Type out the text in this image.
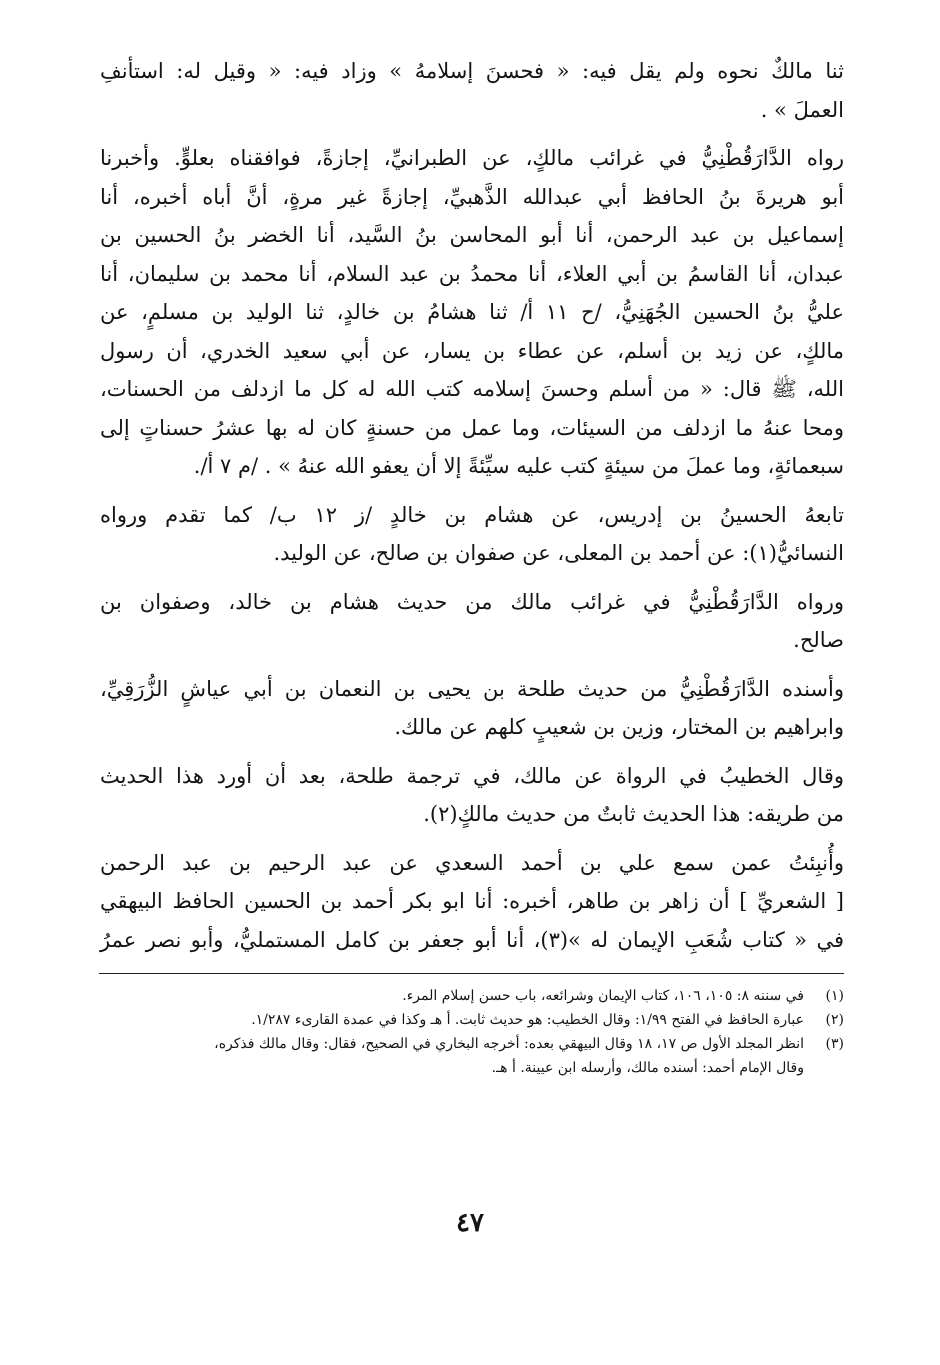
ثنا مالكٌ نحوه ولم يقل فيه: « فحسنَ إسلامهُ » وزاد فيه: « وقيل له: استأنفِ
العملَ » .
رواه الدَّارَقُطْنِيُّ في غرائب مالكٍ، عن الطبرانيِّ، إجازةً، فوافقناه بعلوٍّ. وأخبرنا
أبو هريرةَ بنُ الحافظ أبي عبدالله الذَّهبيِّ، إجازةً غير مرةٍ، أنَّ أباه أخبره، أنا
إسماعيل بن عبد الرحمن، أنا أبو المحاسن بنُ السَّيد، أنا الخضر بنُ الحسين بن
عبدان، أنا القاسمُ بن أبي العلاء، أنا محمدُ بن عبد السلام، أنا محمد بن سليمان، أنا
عليُّ بنُ الحسين الجُهَنِيُّ، /ح ١١ أ/ ثنا هشامُ بن خالدٍ، ثنا الوليد بن مسلمٍ، عن
مالكٍ، عن زيد بن أسلم، عن عطاء بن يسار، عن أبي سعيد الخدري، أن رسول
الله، ﷺ قال: « من أسلم وحسنَ إسلامه كتب الله له كل ما ازدلف من الحسنات،
ومحا عنهُ ما ازدلف من السيئات، وما عمل من حسنةٍ كان له بها عشرُ حسناتٍ إلى
سبعمائةٍ، وما عملَ من سيئةٍ كتب عليه سيِّئةً إلا أن يعفو الله عنهُ » . /م ٧ أ/.
تابعهُ الحسينُ بن إدريس، عن هشام بن خالدٍ /ز ١٢ ب/ كما تقدم ورواه
النسائيُّ(١): عن أحمد بن المعلى، عن صفوان بن صالح، عن الوليد.
ورواه الدَّارَقُطْنِيُّ في غرائب مالك من حديث هشام بن خالد، وصفوان بن
صالح.
وأسنده الدَّارَقُطْنِيُّ من حديث طلحة بن يحيى بن النعمان بن أبي عياشٍ الزُّرَقِيِّ،
وابراهيم بن المختار، وزين بن شعيبٍ كلهم عن مالك.
وقال الخطيبُ في الرواة عن مالك، في ترجمة طلحة، بعد أن أورد هذا الحديث
من طريقه: هذا الحديث ثابتٌ من حديث مالكٍ(٢).
وأُنبِئتُ عمن سمع علي بن أحمد السعدي عن عبد الرحيم بن عبد الرحمن
[ الشعريِّ ] أن زاهر بن طاهر، أخبره: أنا ابو بكر أحمد بن الحسين الحافظ البيهقي
في « كتاب شُعَبِ الإيمان له »(٣)، أنا أبو جعفر بن كامل المستمليُّ، وأبو نصر عمرُ
(١)
في سننه ٨: ١٠٥، ١٠٦، كتاب الإيمان وشرائعه، باب حسن إسلام المرء.
(٢)
عبارة الحافظ في الفتح ١/٩٩: وقال الخطيب: هو حديث ثابت. أ هـ وكذا في عمدة القارىء ١/٢٨٧.
(٣)
انظر المجلد الأول ص ١٧، ١٨ وقال البيهقي بعده: أخرجه البخاري في الصحيح، فقال: وقال مالك فذكره،
وقال الإمام أحمد: أسنده مالك، وأرسله ابن عيينة. أ هـ.
٤٧
